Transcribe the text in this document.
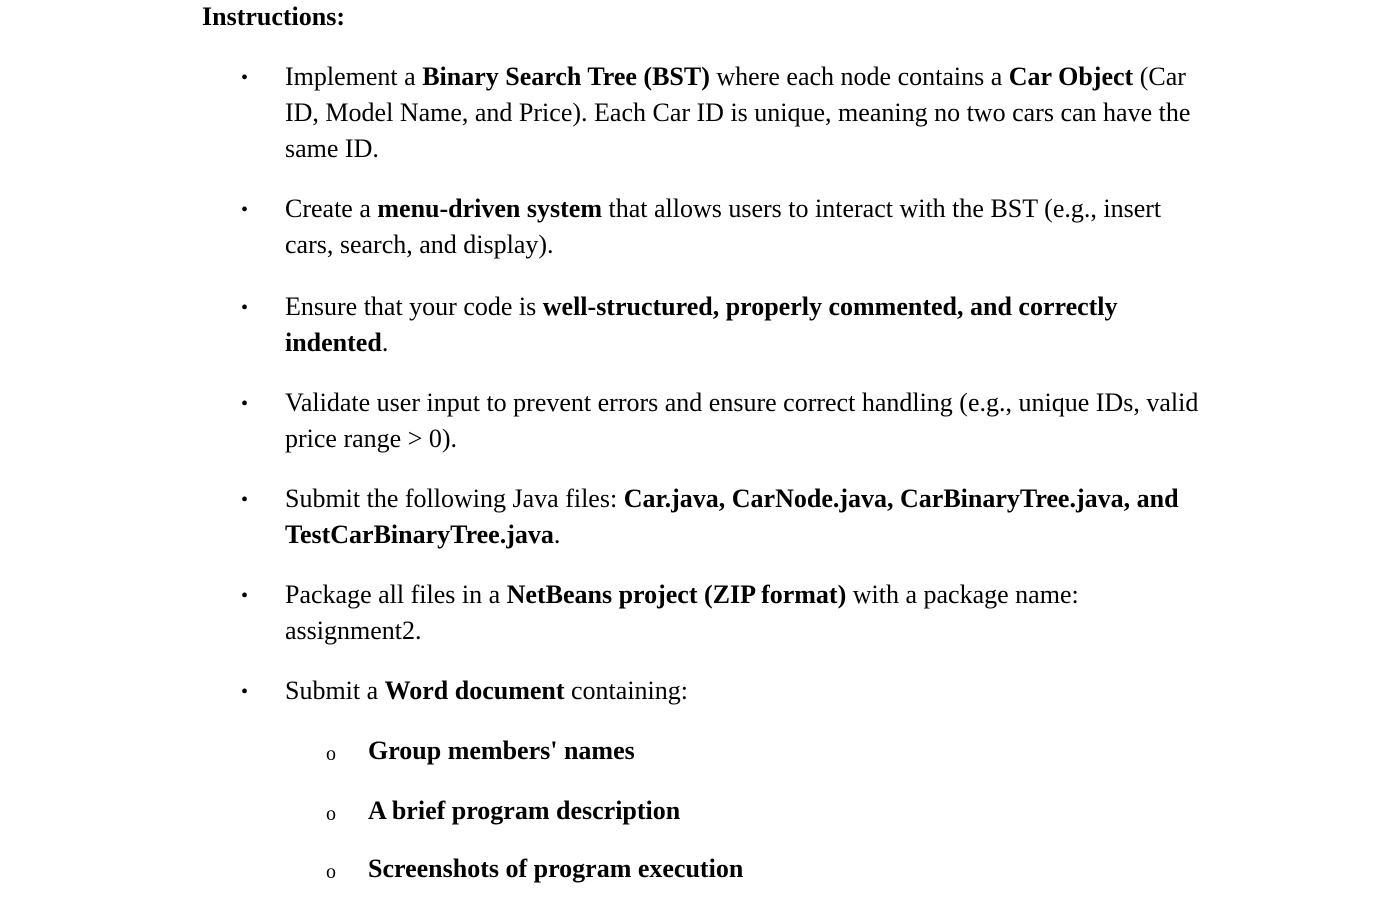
Instructions:
• Implement a Binary Search Tree (BST) where each node contains a Car Object (Car ID, Model Name, and Price). Each Car ID is unique, meaning no two cars can have the same ID.
• Create a menu-driven system that allows users to interact with the BST (e.g., insert cars, search, and display).
• Ensure that your code is well-structured, properly commented, and correctly indented.
• Validate user input to prevent errors and ensure correct handling (e.g., unique IDs, valid price range > 0).
• Submit the following Java files: Car.java, CarNode.java, CarBinaryTree.java, and TestCarBinaryTree.java.
• Package all files in a NetBeans project (ZIP format) with a package name: assignment2.
• Submit a Word document containing:
o Group members' names
o A brief program description
o Screenshots of program execution
